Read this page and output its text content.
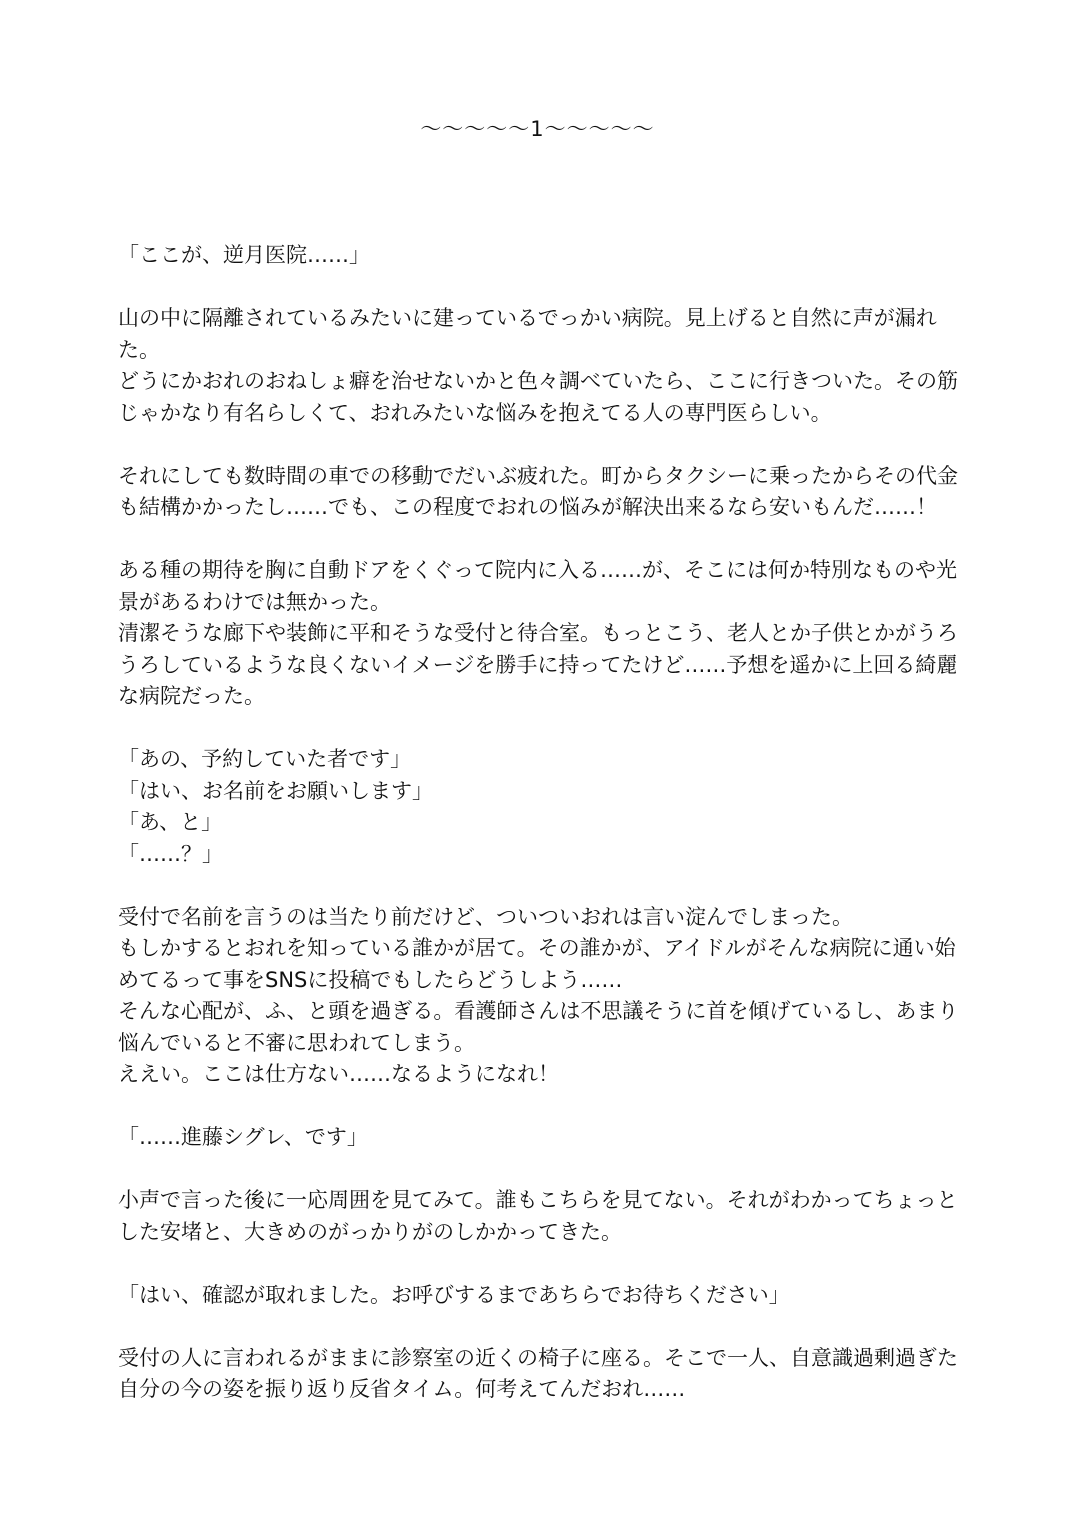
〜〜〜〜〜1〜〜〜〜〜
「ここが、逆月医院……」
山の中に隔離されているみたいに建っているでっかい病院。見上げると自然に声が漏れ
た。
どうにかおれのおねしょ癖を治せないかと色々調べていたら、ここに行きついた。その筋
じゃかなり有名らしくて、おれみたいな悩みを抱えてる人の専門医らしい。
それにしても数時間の車での移動でだいぶ疲れた。町からタクシーに乗ったからその代金
も結構かかったし……でも、この程度でおれの悩みが解決出来るなら安いもんだ……！
ある種の期待を胸に自動ドアをくぐって院内に入る……が、そこには何か特別なものや光
景があるわけでは無かった。
清潔そうな廊下や装飾に平和そうな受付と待合室。もっとこう、老人とか子供とかがうろ
うろしているような良くないイメージを勝手に持ってたけど……予想を遥かに上回る綺麗
な病院だった。
「あの、予約していた者です」
「はい、お名前をお願いします」
「あ、と」
「……？」
受付で名前を言うのは当たり前だけど、ついついおれは言い淀んでしまった。
もしかするとおれを知っている誰かが居て。その誰かが、アイドルがそんな病院に通い始
めてるって事をSNSに投稿でもしたらどうしよう……
そんな心配が、ふ、と頭を過ぎる。看護師さんは不思議そうに首を傾げているし、あまり
悩んでいると不審に思われてしまう。
ええい。ここは仕方ない……なるようになれ！
「……進藤シグレ、です」
小声で言った後に一応周囲を見てみて。誰もこちらを見てない。それがわかってちょっと
した安堵と、大きめのがっかりがのしかかってきた。
「はい、確認が取れました。お呼びするまであちらでお待ちください」
受付の人に言われるがままに診察室の近くの椅子に座る。そこで一人、自意識過剰過ぎた
自分の今の姿を振り返り反省タイム。何考えてんだおれ……
